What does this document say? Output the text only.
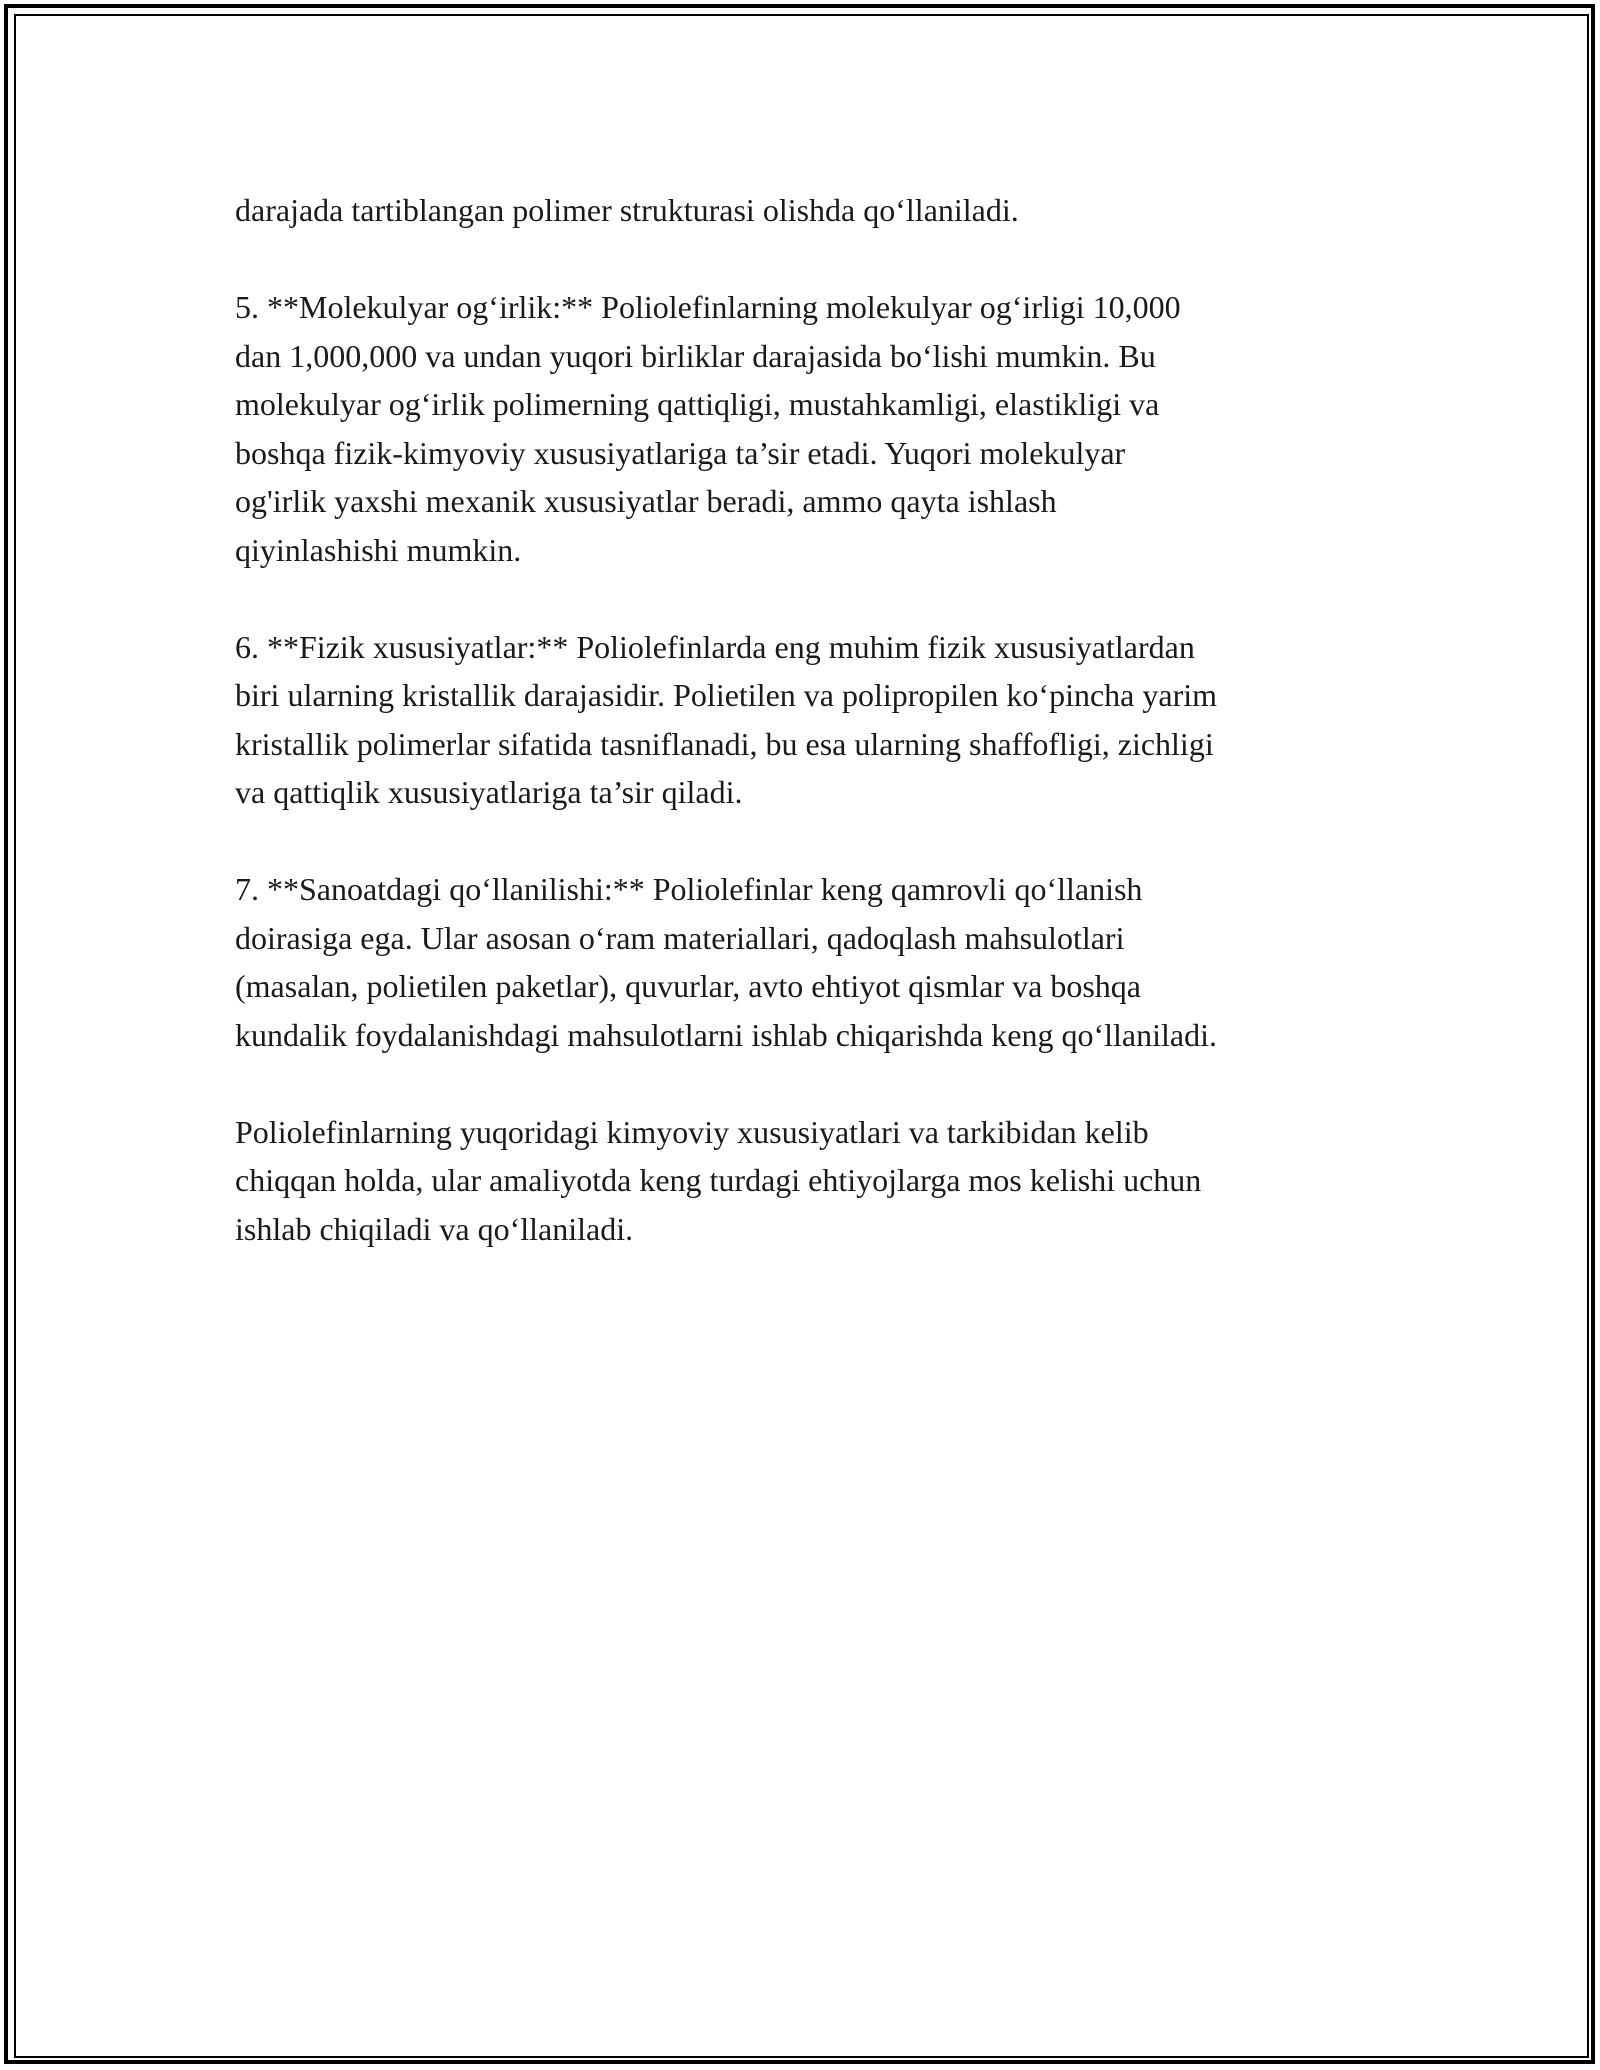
darajada tartiblangan polimer strukturasi olishda qo‘llaniladi.

5. **Molekulyar og‘irlik:** Poliolefinlarning molekulyar og‘irligi 10,000
dan 1,000,000 va undan yuqori birliklar darajasida bo‘lishi mumkin. Bu
molekulyar og‘irlik polimerning qattiqligi, mustahkamligi, elastikligi va
boshqa fizik-kimyoviy xususiyatlariga ta’sir etadi. Yuqori molekulyar
og'irlik yaxshi mexanik xususiyatlar beradi, ammo qayta ishlash
qiyinlashishi mumkin.

6. **Fizik xususiyatlar:** Poliolefinlarda eng muhim fizik xususiyatlardan
biri ularning kristallik darajasidir. Polietilen va polipropilen ko‘pincha yarim
kristallik polimerlar sifatida tasniflanadi, bu esa ularning shaffofligi, zichligi
va qattiqlik xususiyatlariga ta’sir qiladi.

7. **Sanoatdagi qo‘llanilishi:** Poliolefinlar keng qamrovli qo‘llanish
doirasiga ega. Ular asosan o‘ram materiallari, qadoqlash mahsulotlari
(masalan, polietilen paketlar), quvurlar, avto ehtiyot qismlar va boshqa
kundalik foydalanishdagi mahsulotlarni ishlab chiqarishda keng qo‘llaniladi.

Poliolefinlarning yuqoridagi kimyoviy xususiyatlari va tarkibidan kelib
chiqqan holda, ular amaliyotda keng turdagi ehtiyojlarga mos kelishi uchun
ishlab chiqiladi va qo‘llaniladi.
